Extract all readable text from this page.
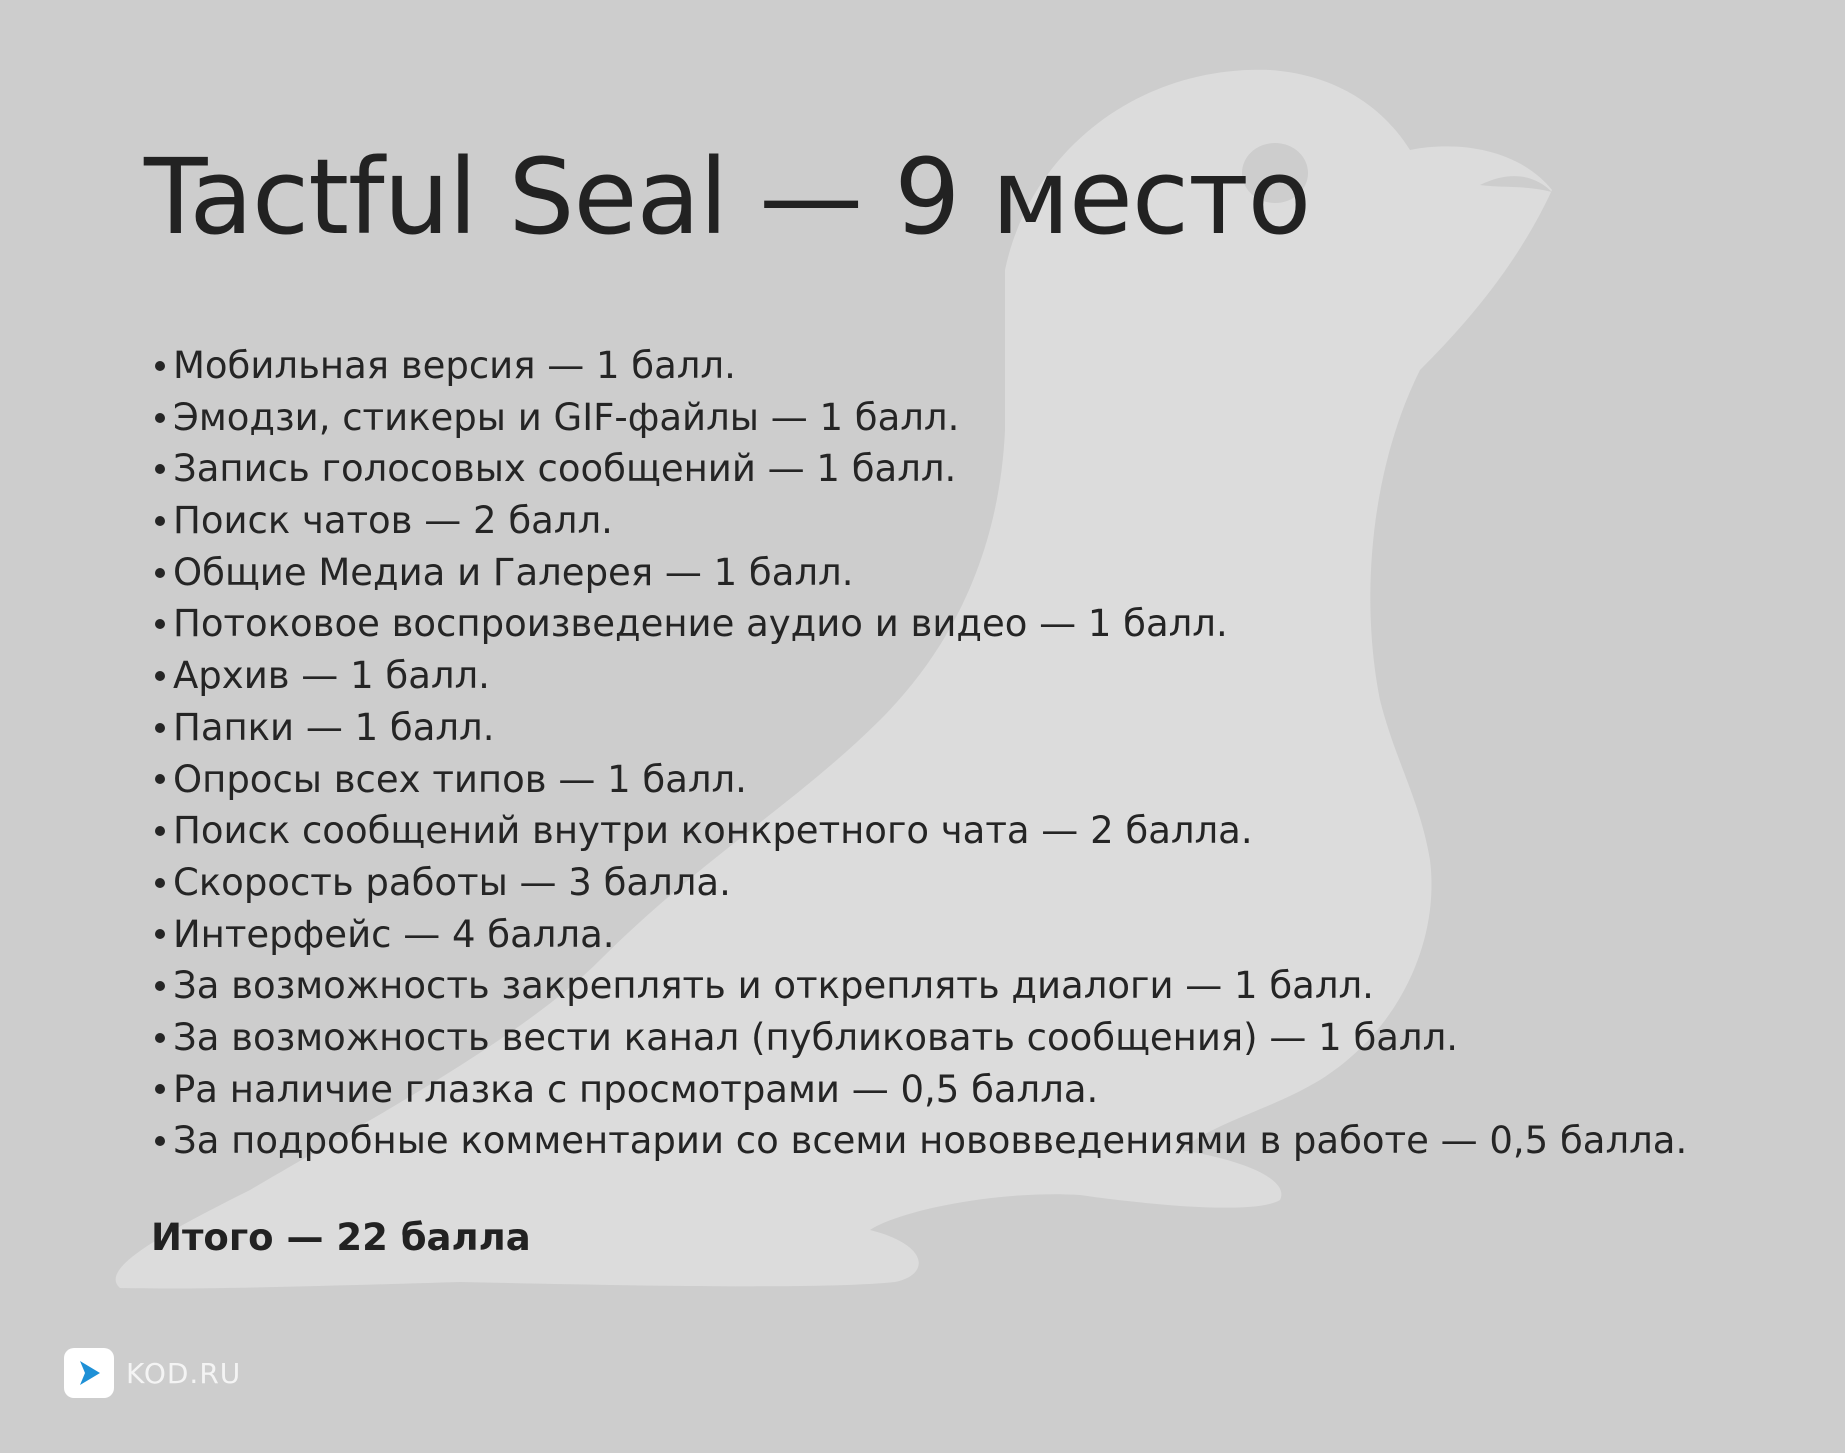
Tactful Seal — 9 место
Мобильная версия — 1 балл.
Эмодзи, стикеры и GIF-файлы — 1 балл.
Запись голосовых сообщений — 1 балл.
Поиск чатов — 2 балл.
Общие Медиа и Галерея — 1 балл.
Потоковое воспроизведение аудио и видео — 1 балл.
Архив — 1 балл.
Папки — 1 балл.
Опросы всех типов — 1 балл.
Поиск сообщений внутри конкретного чата — 2 балла.
Скорость работы — 3 балла.
Интерфейс — 4 балла.
За возможность закреплять и откреплять диалоги — 1 балл.
За возможность вести канал (публиковать сообщения) — 1 балл.
Ра наличие глазка с просмотрами — 0,5 балла.
За подробные комментарии со всеми нововведениями в работе — 0,5 балла.
Итого — 22 балла
KOD.RU
